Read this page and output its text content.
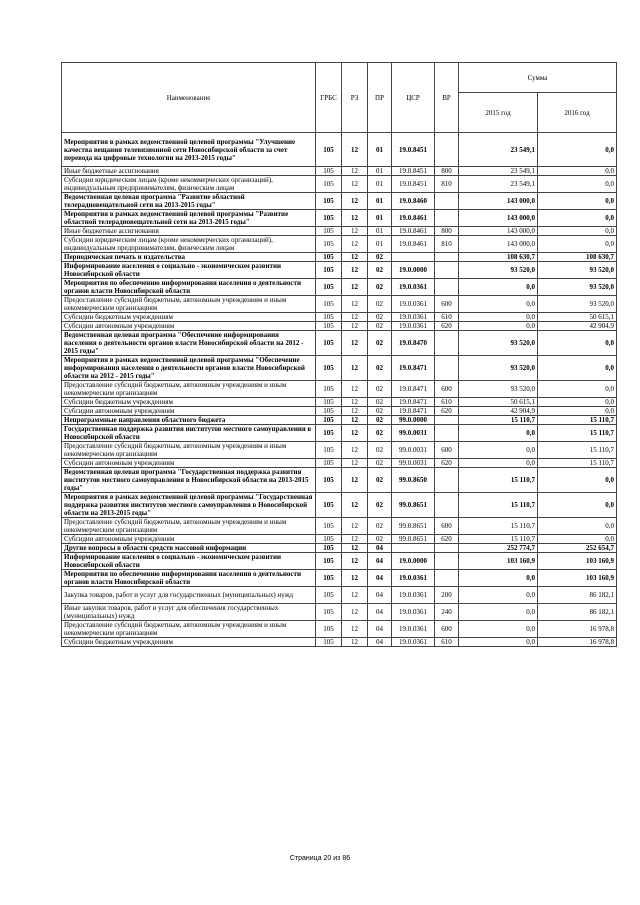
Наименование	ГРБС	РЗ	ПР	ЦСР	ВР	Сумма	
						2015 год	2016 год
Мероприятия в рамках ведомственной целевой программы "Улучшение качества вещания телевизионной сети Новосибирской области за счет перевода на цифровые технологии на 2013-2015 годы"	105	12	01	19.0.8451		23 549,1	0,0
Иные бюджетные ассигнования	105	12	01	19.0.8451	800	23 549,1	0,0
Субсидии юридическим лицам (кроме некоммерческих организаций), индивидуальным предпринимателям, физическим лицам	105	12	01	19.0.8451	810	23 549,1	0,0
Ведомственная целевая программа "Развитие областной телерадиовещательной сети на 2013-2015 годы"	105	12	01	19.0.8460		143 000,0	0,0
Мероприятия в рамках ведомственной целевой программы "Развитие областной телерадиовещательной сети на 2013-2015 годы"	105	12	01	19.0.8461		143 000,0	0,0
Иные бюджетные ассигнования	105	12	01	19.0.8461	800	143 000,0	0,0
Субсидии юридическим лицам (кроме некоммерческих организаций), индивидуальным предпринимателям, физическим лицам	105	12	01	19.0.8461	810	143 000,0	0,0
Периодическая печать и издательства	105	12	02			108 630,7	108 630,7
Информирование населения о социально - экономическом развитии Новосибирской области	105	12	02	19.0.0000		93 520,0	93 520,0
Мероприятия по обеспечению информирования населения о деятельности органов власти Новосибирской области	105	12	02	19.0.0361		0,0	93 520,0
Предоставление субсидий бюджетным, автономным учреждениям и иным некоммерческим организациям	105	12	02	19.0.0361	600	0,0	93 520,0
Субсидии бюджетным учреждениям	105	12	02	19.0.0361	610	0,0	50 615,1
Субсидии автономным учреждениям	105	12	02	19.0.0361	620	0,0	42 904,9
Ведомственная целевая программа "Обеспечение информирования населения о деятельности органов власти Новосибирской области на 2012 - 2015 годы"	105	12	02	19.0.8470		93 520,0	0,0
Мероприятия в рамках ведомственной целевой программы "Обеспечение информирования населения о деятельности органов власти Новосибирской области на 2012 - 2015 годы"	105	12	02	19.0.8471		93 520,0	0,0
Предоставление субсидий бюджетным, автономным учреждениям и иным некоммерческим организациям	105	12	02	19.0.8471	600	93 520,0	0,0
Субсидии бюджетным учреждениям	105	12	02	19.0.8471	610	50 615,1	0,0
Субсидии автономным учреждениям	105	12	02	19.0.8471	620	42 904,9	0,0
Непрограммные направления областного бюджета	105	12	02	99.0.0000		15 110,7	15 110,7
Государственная поддержка развития институтов местного самоуправления в Новосибирской области	105	12	02	99.0.0031		0,0	15 110,7
Предоставление субсидий бюджетным, автономным учреждениям и иным некоммерческим организациям	105	12	02	99.0.0031	600	0,0	15 110,7
Субсидии автономным учреждениям	105	12	02	99.0.0031	620	0,0	15 110,7
Ведомственная целевая программа "Государственная поддержка развития институтов местного самоуправления в Новосибирской области на 2013-2015 годы"	105	12	02	99.0.8650		15 110,7	0,0
Мероприятия в рамках ведомственной целевой программы "Государственная поддержка развития институтов местного самоуправления в Новосибирской области на 2013-2015 годы"	105	12	02	99.0.8651		15 110,7	0,0
Предоставление субсидий бюджетным, автономным учреждениям и иным некоммерческим организациям	105	12	02	99.0.8651	600	15 110,7	0,0
Субсидии автономным учреждениям	105	12	02	99.0.8651	620	15 110,7	0,0
Другие вопросы в области средств массовой информации	105	12	04			252 774,7	252 654,7
Информирование населения о социально - экономическом развитии Новосибирской области	105	12	04	19.0.0000		103 160,9	103 160,9
Мероприятия по обеспечению информирования населения о деятельности органов власти Новосибирской области	105	12	04	19.0.0361		0,0	103 160,9
Закупка товаров, работ и услуг для государственных (муниципальных) нужд	105	12	04	19.0.0361	200	0,0	86 182,1
Иные закупки товаров, работ и услуг для обеспечения государственных (муниципальных) нужд	105	12	04	19.0.0361	240	0,0	86 182,1
Предоставление субсидий бюджетным, автономным учреждениям и иным некоммерческим организациям	105	12	04	19.0.0361	600	0,0	16 978,8
Субсидии бюджетным учреждениям	105	12	04	19.0.0361	610	0,0	16 978,8
Страница 20 из 86
